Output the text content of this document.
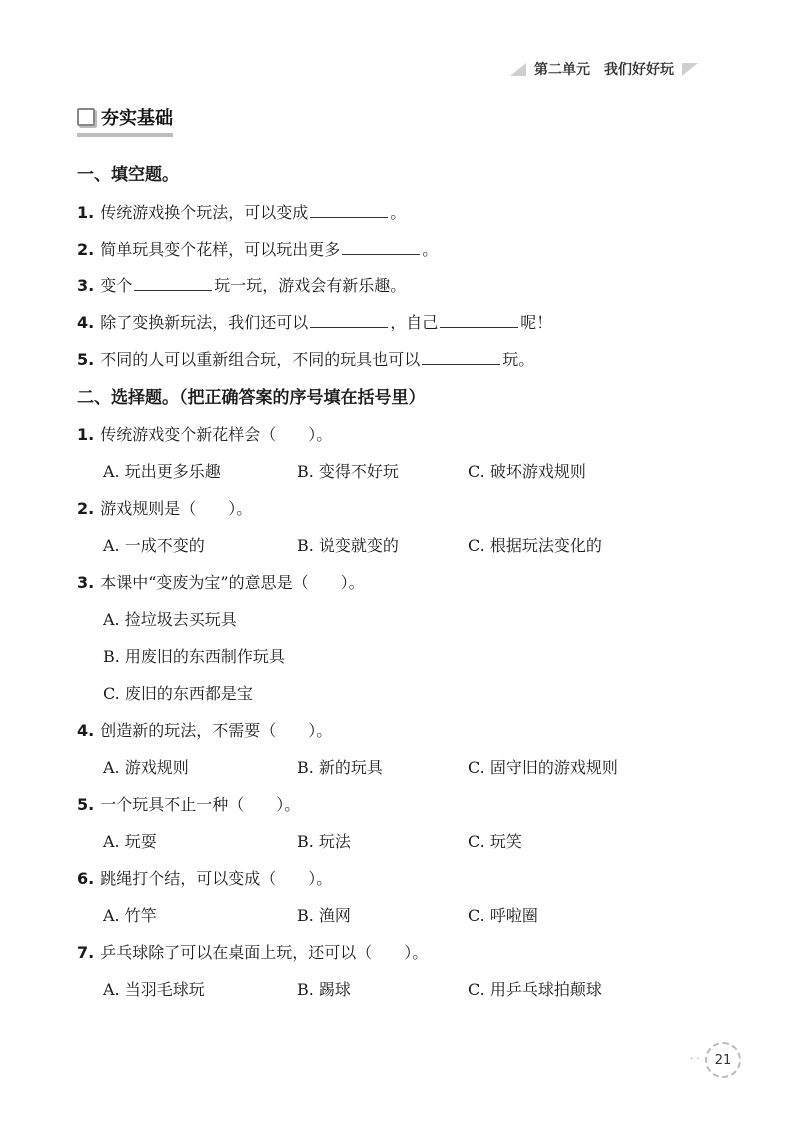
第二单元 我们好好玩
夯实基础
一、填空题。
1. 传统游戏换个玩法，可以变成	。
2. 简单玩具变个花样，可以玩出更多	。
3. 变个	玩一玩，游戏会有新乐趣。
4. 除了变换新玩法，我们还可以	，自己	呢！
5. 不同的人可以重新组合玩，不同的玩具也可以	玩。
二、选择题。（把正确答案的序号填在括号里）
1. 传统游戏变个新花样会（　　）。
A. 玩出更多乐趣	B. 变得不好玩	C. 破坏游戏规则
2. 游戏规则是（　　）。
A. 一成不变的	B. 说变就变的	C. 根据玩法变化的
3. 本课中“变废为宝”的意思是（　　）。
A. 捡垃圾去买玩具
B. 用废旧的东西制作玩具
C. 废旧的东西都是宝
4. 创造新的玩法，不需要（　　）。
A. 游戏规则	B. 新的玩具	C. 固守旧的游戏规则
5. 一个玩具不止一种（　　）。
A. 玩耍	B. 玩法	C. 玩笑
6. 跳绳打个结，可以变成（　　）。
A. 竹竿	B. 渔网	C. 呼啦圈
7. 乒乓球除了可以在桌面上玩，还可以（　　）。
A. 当羽毛球玩	B. 踢球	C. 用乒乓球拍颠球
· ·	21
